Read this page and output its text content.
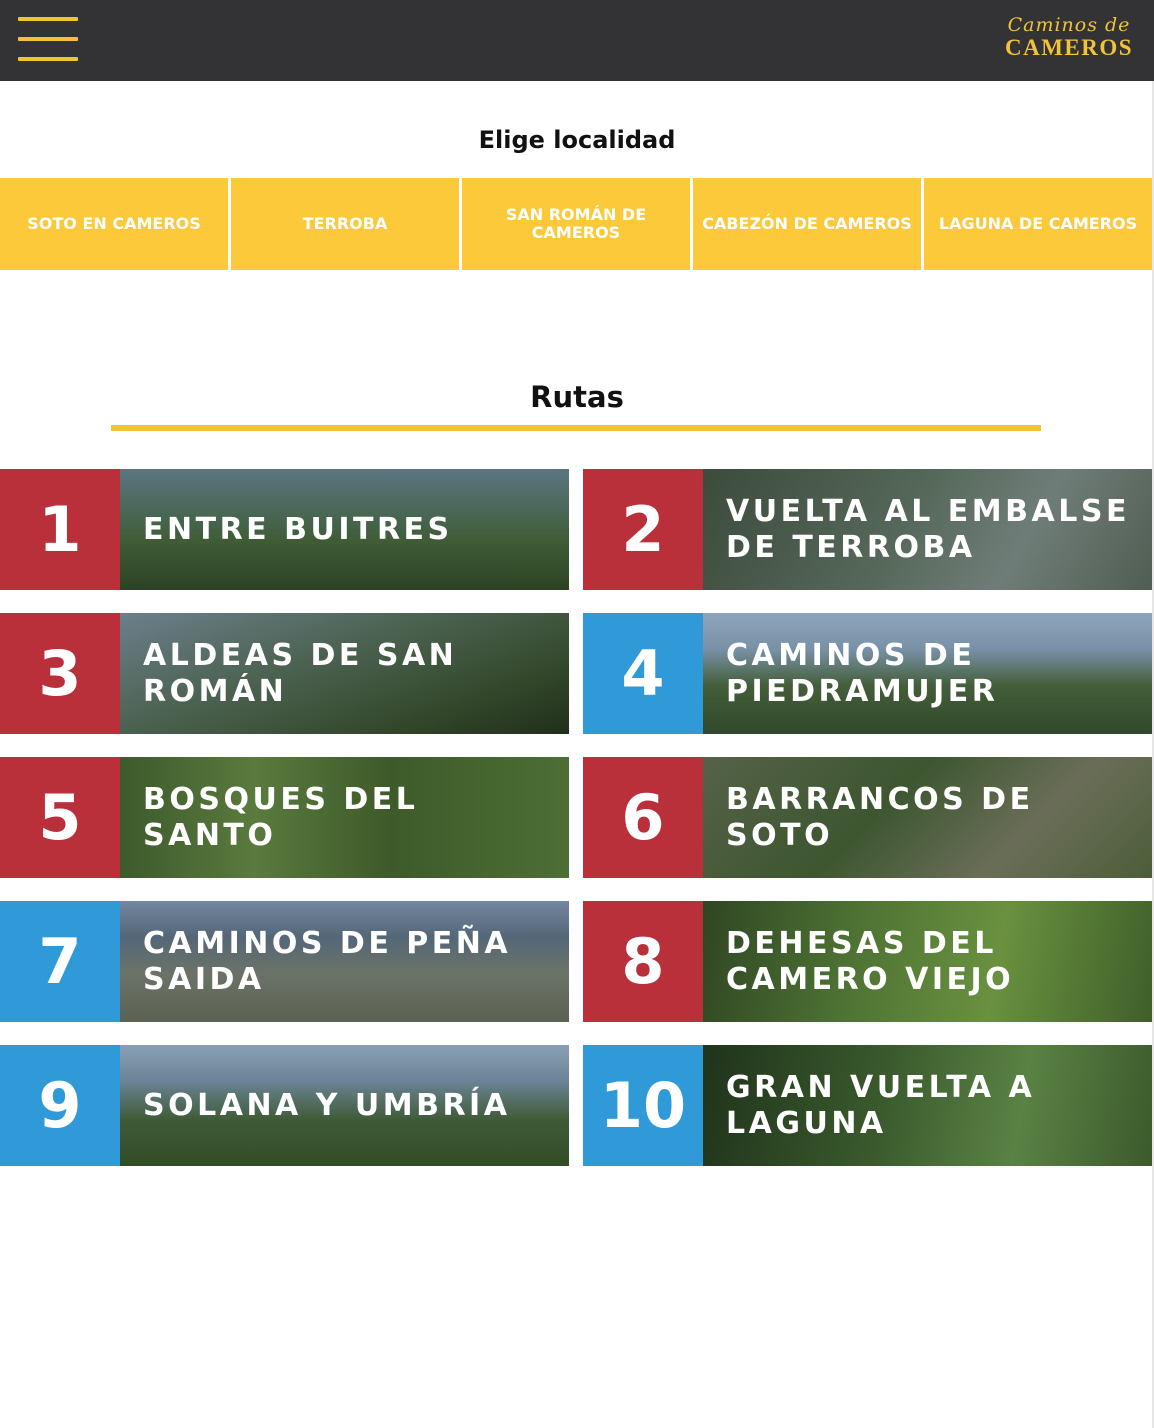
Caminos de
CAMEROS
Elige localidad
SOTO EN CAMEROS	TERROBA	SAN ROMÁN DE CAMEROS	CABEZÓN DE CAMEROS	LAGUNA DE CAMEROS
Rutas
1	ENTRE BUITRES	2	VUELTA AL EMBALSE DE TERROBA
3	ALDEAS DE SAN ROMÁN	4	CAMINOS DE PIEDRAMUJER
5	BOSQUES DEL SANTO	6	BARRANCOS DE SOTO
7	CAMINOS DE PEÑA SAIDA	8	DEHESAS DEL CAMERO VIEJO
9	SOLANA Y UMBRÍA	10	GRAN VUELTA A LAGUNA
